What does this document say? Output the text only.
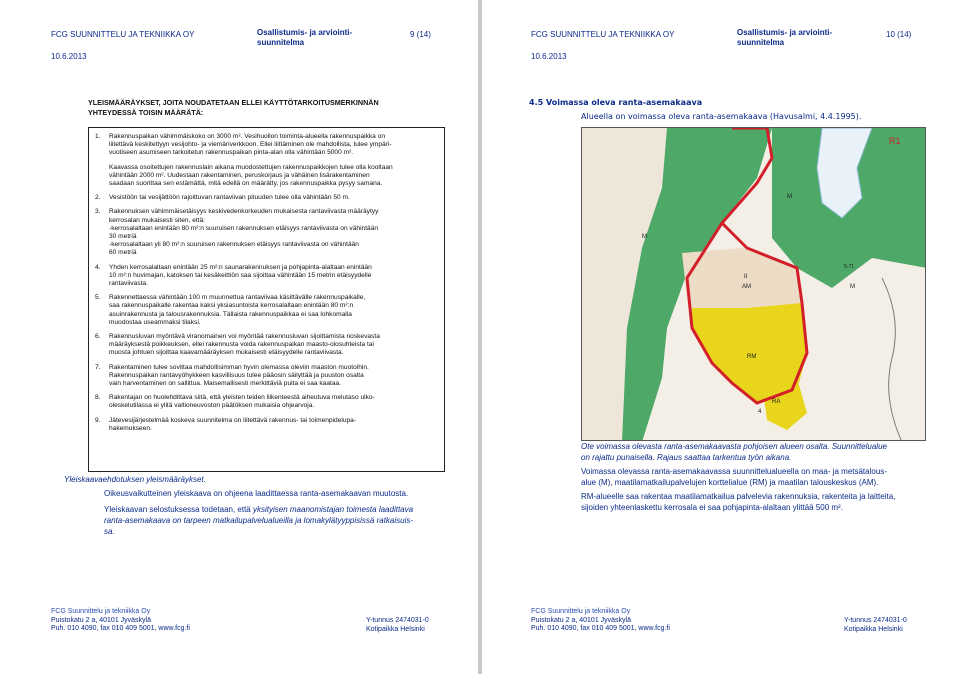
FCG SUUNNITTELU JA TEKNIIKKA OY	Osallistumis- ja arviointi-
suunnitelma
9 (14)
10.6.2013
YLEISMÄÄRÄYKSET, JOITA NOUDATETAAN ELLEI KÄYTTÖTARKOITUSMERKINNÄN
YHTEYDESSÄ TOISIN MÄÄRÄTÄ:
1.	Rakennuspaikan vähimmäiskoko on 3000 m². Vesihuollon toiminta-alueella rakennuspaikka on
liitettävä keskitettyyn vesijohto- ja viemäriverkkoon. Ellei liittäminen ole mahdollista, tulee ympäri-
vuotiseen asumiseen tarkoitetun rakennuspaikan pinta-alan olla vähintään 5000 m².
Kaavassa osoitettujen rakennuslain aikana muodostettujen rakennuspaikkojen tulee olla kooltaan
vähintään 2000 m². Uudestaan rakentaminen, peruskorjaus ja vähäinen lisärakentaminen
saadaan suorittaa sen estämättä, mitä edellä on määrätty, jos rakennuspaikka pysyy samana.
2.	Vesistöön tai vesijättöön rajoittuvan rantaviivan pituuden tulee olla vähintään 50 m.
3.	Rakennuksen vähimmäisetäisyys keskivedenkorkeuden mukaisesta rantaviivasta määräytyy
kerrosalan mukaisesti siten, että:
-kerrosalaltaan enintään 80 m²:n suuruisen rakennuksen etäisyys rantaviivasta on vähintään
30 metriä
-kerrosalaltaan yli 80 m²:n suuruisen rakennuksen etäisyys rantaviivasta on vähintään
60 metriä
4.	Yhden kerrosalaltaan enintään 25 m²:n saunarakennuksen ja pohjapinta-alaltaan enintään
10 m²:n huvimajan, katoksen tai kesäkeittiön saa sijoittaa vähintään 15 metrin etäisyydelle
rantaviivasta.
5.	Rakennettaessa vähintään 100 m muunnettua rantaviivaa käsittävälle rakennuspaikalle,
saa rakennuspaikalle rakentaa kaksi yksiasuntoista kerrosalaltaan enintään 80 m²:n
asuinrakennusta ja talousrakennuksia. Tällaista rakennuspaikkaa ei saa lohkomalla
muodostaa useammaksi tilaksi.
6.	Rakennusluvan myöntävä viranomainen voi myöntää rakennusluvan sijoittamista noskevasta
määräyksestä poikkeuksen, ellei rakennusta voida rakennuspaikan maasto-olosuhteista tai
muosta johtuen sijoittaa kaavamääräyksen mukaisesti etäisyydelle rantaviivasta.
7.	Rakentaminen tulee sovittaa mahdollisimman hyvin olemassa oleviin maaston muotoihin.
Rakennuspaikan rantavyöhykkeen kasvillisuus tulee pääosin säilyttää ja puuston osalta
vain harventaminen on sallittua. Maisemallisesti merkittäviä puita ei saa kaataa.
8.	Rakentajan on huolehdittava siitä, että yleisten teiden liikenteestä aiheutuva melutaso ulko-
oleskelutilassa ei ylitä valtioneuvoston päätöksen mukaisia ohjearvoja.
9.	Jätevesijärjestelmää koskeva suunnitelma on liitettävä rakennus- tai toimenpidelupa-
hakemukseen.
Yleiskaavaehdotuksen yleismääräykset.
Oikeusvaikutteinen yleiskaava on ohjeena laadittaessa ranta-asemakaavan muutosta.
Yleiskaavan selostuksessa todetaan, että yksityisen maanomistajan toimesta laadittava
ranta-asemakaava on tarpeen matkailupalvelualueilla ja lomakylätyyppisissä ratkaisuis-
sa.
FCG Suunnittelu ja tekniikka Oy
Puistokatu 2 a, 40101 Jyväskylä
Puh. 010 4090, fax 010 409 5001, www.fcg.fi
Y-tunnus 2474031-0
Kotipaikka Helsinki
FCG SUUNNITTELU JA TEKNIIKKA OY	Osallistumis- ja arviointi-
suunnitelma
10 (14)
10.6.2013
4.5 Voimassa oleva ranta-asemakaava
Alueella on voimassa oleva ranta-asemakaava (Havusalmi, 4.4.1995).
R1
M
M
M
II
AM
RM
RA
4
5-71
Ote voimassa olevasta ranta-asemakaavasta pohjoisen alueen osalta. Suunnittelualue
on rajattu punaisella. Rajaus saattaa tarkentua työn aikana.
Voimassa olevassa ranta-asemakaavassa suunnittelualueella on maa- ja metsätalous-
alue (M), maatilamatkailupalvelujen korttelialue (RM) ja maatilan talouskeskus (AM).
RM-alueelle saa rakentaa maatilamatkailua palvelevia rakennuksia, rakenteita ja laitteita,
sijoiden yhteenlaskettu kerrosala ei saa pohjapinta-alaltaan ylittää 500 m².
FCG Suunnittelu ja tekniikka Oy
Puistokatu 2 a, 40101 Jyväskylä
Puh. 010 4090, fax 010 409 5001, www.fcg.fi
Y-tunnus 2474031-0
Kotipaikka Helsinki
